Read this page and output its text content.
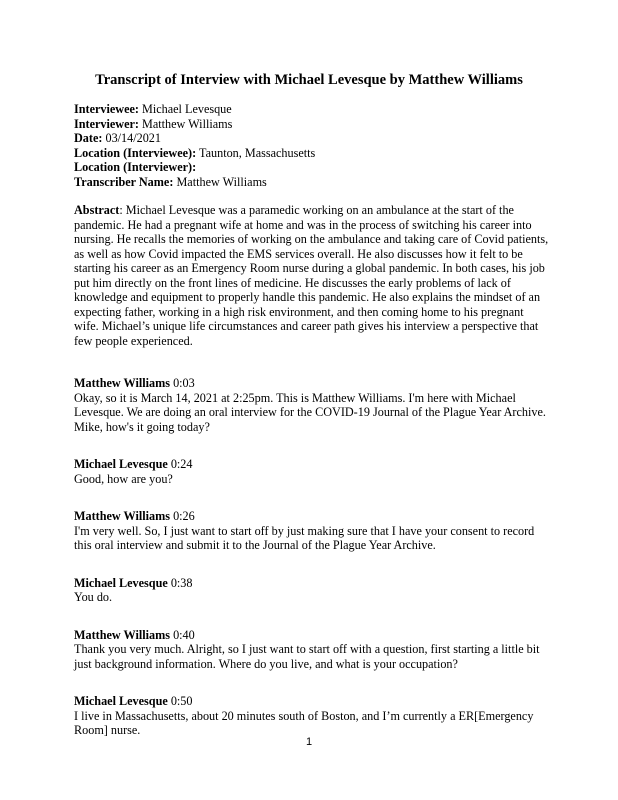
Transcript of Interview with Michael Levesque by Matthew Williams
Interviewee: Michael Levesque
Interviewer: Matthew Williams
Date: 03/14/2021
Location (Interviewee): Taunton, Massachusetts
Location (Interviewer):
Transcriber Name: Matthew Williams
Abstract: Michael Levesque was a paramedic working on an ambulance at the start of the pandemic. He had a pregnant wife at home and was in the process of switching his career into nursing. He recalls the memories of working on the ambulance and taking care of Covid patients, as well as how Covid impacted the EMS services overall. He also discusses how it felt to be starting his career as an Emergency Room nurse during a global pandemic. In both cases, his job put him directly on the front lines of medicine. He discusses the early problems of lack of knowledge and equipment to properly handle this pandemic. He also explains the mindset of an expecting father, working in a high risk environment, and then coming home to his pregnant wife. Michael’s unique life circumstances and career path gives his interview a perspective that few people experienced.
Matthew Williams 0:03
Okay, so it is March 14, 2021 at 2:25pm. This is Matthew Williams. I'm here with Michael Levesque. We are doing an oral interview for the COVID-19 Journal of the Plague Year Archive. Mike, how's it going today?
Michael Levesque 0:24
Good, how are you?
Matthew Williams 0:26
I'm very well. So, I just want to start off by just making sure that I have your consent to record this oral interview and submit it to the Journal of the Plague Year Archive.
Michael Levesque 0:38
You do.
Matthew Williams 0:40
Thank you very much. Alright, so I just want to start off with a question, first starting a little bit just background information. Where do you live, and what is your occupation?
Michael Levesque 0:50
I live in Massachusetts, about 20 minutes south of Boston, and I’m currently a ER[Emergency Room] nurse.
1
